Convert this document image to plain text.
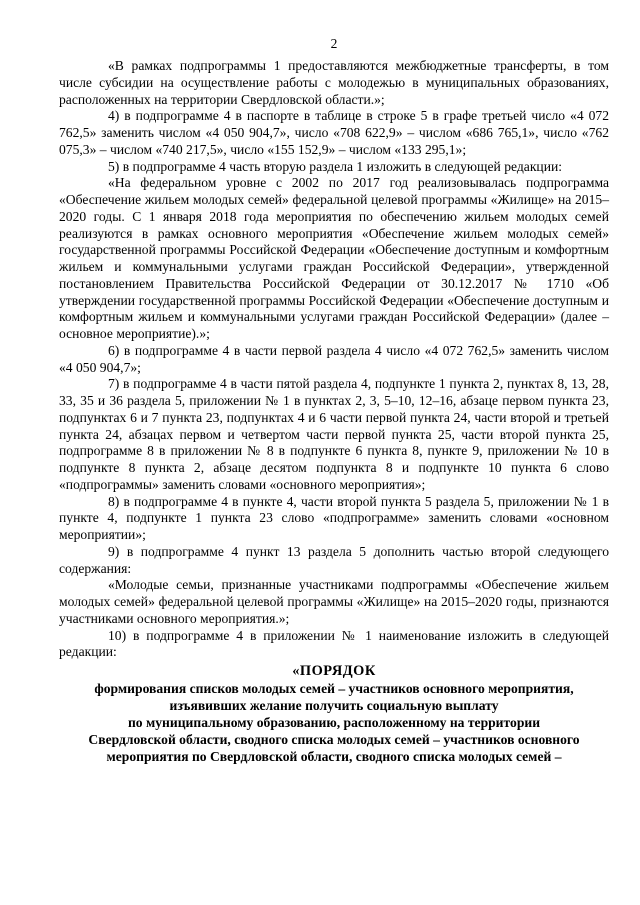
2

«В рамках подпрограммы 1 предоставляются межбюджетные трансферты, в том числе субсидии на осуществление работы с молодежью в муниципальных образованиях, расположенных на территории Свердловской области.»;

4) в подпрограмме 4 в паспорте в таблице в строке 5 в графе третьей число «4 072 762,5» заменить числом «4 050 904,7», число «708 622,9» – числом «686 765,1», число «762 075,3» – числом «740 217,5», число «155 152,9» – числом «133 295,1»;

5) в подпрограмме 4 часть вторую раздела 1 изложить в следующей редакции:

«На федеральном уровне с 2002 по 2017 год реализовывалась подпрограмма «Обеспечение жильем молодых семей» федеральной целевой программы «Жилище» на 2015–2020 годы. С 1 января 2018 года мероприятия по обеспечению жильем молодых семей реализуются в рамках основного мероприятия «Обеспечение жильем молодых семей» государственной программы Российской Федерации «Обеспечение доступным и комфортным жильем и коммунальными услугами граждан Российской Федерации», утвержденной постановлением Правительства Российской Федерации от 30.12.2017 № 1710 «Об утверждении государственной программы Российской Федерации «Обеспечение доступным и комфортным жильем и коммунальными услугами граждан Российской Федерации» (далее – основное мероприятие).»;

6) в подпрограмме 4 в части первой раздела 4 число «4 072 762,5» заменить числом «4 050 904,7»;

7) в подпрограмме 4 в части пятой раздела 4, подпункте 1 пункта 2, пунктах 8, 13, 28, 33, 35 и 36 раздела 5, приложении № 1 в пунктах 2, 3, 5–10, 12–16, абзаце первом пункта 23, подпунктах 6 и 7 пункта 23, подпунктах 4 и 6 части первой пункта 24, части второй и третьей пункта 24, абзацах первом и четвертом части первой пункта 25, части второй пункта 25, подпрограмме 8 в приложении № 8 в подпункте 6 пункта 8, пункте 9, приложении № 10 в подпункте 8 пункта 2, абзаце десятом подпункта 8 и подпункте 10 пункта 6 слово «подпрограммы» заменить словами «основного мероприятия»;

8) в подпрограмме 4 в пункте 4, части второй пункта 5 раздела 5, приложении № 1 в пункте 4, подпункте 1 пункта 23 слово «подпрограмме» заменить словами «основном мероприятии»;

9) в подпрограмме 4 пункт 13 раздела 5 дополнить частью второй следующего содержания:

«Молодые семьи, признанные участниками подпрограммы «Обеспечение жильем молодых семей» федеральной целевой программы «Жилище» на 2015–2020 годы, признаются участниками основного мероприятия.»;

10) в подпрограмме 4 в приложении № 1 наименование изложить в следующей редакции:

«ПОРЯДОК
формирования списков молодых семей – участников основного мероприятия,
изъявивших желание получить социальную выплату
по муниципальному образованию, расположенному на территории
Свердловской области, сводного списка молодых семей – участников основного
мероприятия по Свердловской области, сводного списка молодых семей –
